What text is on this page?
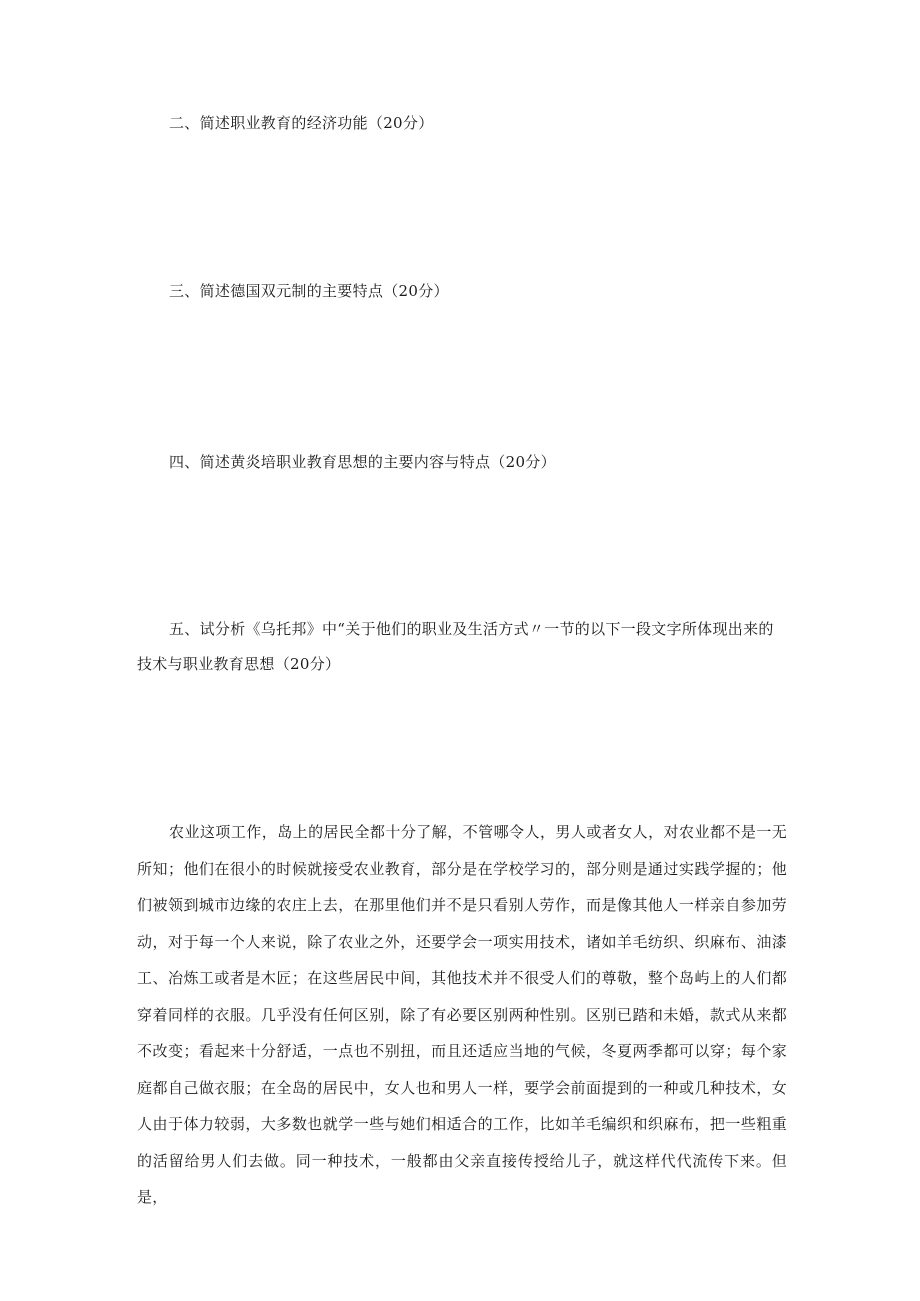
二、简述职业教育的经济功能（20分）

三、简述德国双元制的主要特点（20分）

四、简述黄炎培职业教育思想的主要内容与特点（20分）

五、试分析《乌托邦》中“关于他们的职业及生活方式〃一节的以下一段文字所体现出来的技术与职业教育思想（20分）

农业这项工作，岛上的居民全都十分了解，不管哪令人，男人或者女人，对农业都不是一无所知；他们在很小的时候就接受农业教育，部分是在学校学习的，部分则是通过实践学握的；他们被领到城市边缘的农庄上去，在那里他们并不是只看别人劳作，而是像其他人一样亲自参加劳动，对于每一个人来说，除了农业之外，还要学会一项实用技术，诸如羊毛纺织、织麻布、油漆工、冶炼工或者是木匠；在这些居民中间，其他技术并不很受人们的尊敬，整个岛屿上的人们都穿着同样的衣服。几乎没有任何区别，除了有必要区别两种性别。区别已踏和未婚，款式从来都不改变；看起来十分舒适，一点也不别扭，而且还适应当地的气候，冬夏两季都可以穿；每个家庭都自己做衣服；在全岛的居民中，女人也和男人一样，要学会前面提到的一种或几种技术，女人由于体力较弱，大多数也就学一些与她们相适合的工作，比如羊毛编织和织麻布，把一些粗重的活留给男人们去做。同一种技术，一般都由父亲直接传授给儿子，就这样代代流传下来。但是，
